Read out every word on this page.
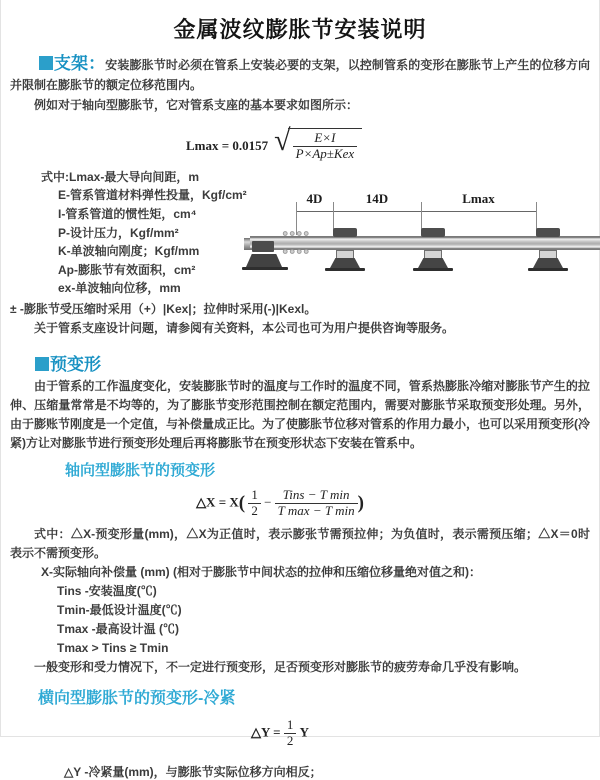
金属波纹膨胀节安装说明

支架：安装膨胀节时必须在管系上安装必要的支架，以控制管系的变形在膨胀节上产生的位移方向并限制在膨胀节的额定位移范围内。

例如对于轴向型膨胀节，它对管系支座的基本要求如图所示：

Lmax = 0.0157 √ $\frac{E\times I}{\text{P×Ap±Kex}}$
式中:Lmax-最大导向间距，m
E-管系管道材料弹性投量，Kgf/cm²
I-管系管道的惯性矩，cm⁴
P-设计压力，Kgf/mm²
K-单波轴向刚度；Kgf/mm
Ap-膨胀节有效面积，cm²
ex-单波轴向位移，mm
± -膨胀节受压缩时采用（+）|Kex|；拉伸时采用(-)|Kexl。
关于管系支座设计问题，请参阅有关资料，本公司也可为用户提供咨询等服务。
4D	14D	Lmax
预变形

由于管系的工作温度变化，安装膨胀节时的温度与工作时的温度不同，管系热膨胀冷缩对膨胀节产生的拉伸、压缩量常常是不均等的，为了膨胀节变形范围控制在额定范围内，需要对膨胀节采取预变形处理。另外，由于膨账节刚度是一个定值，与补偿量成正比。为了使膨胀节位移对管系的作用力最小，也可以采用预变形(冷紧)方让对膨胀节进行预变形处理后再将膨胀节在预变形状态下安装在管系中。

轴向型膨胀节的预变形
△X = $X( \frac{1}{2} - \frac{\text{Tins − T min}}{\text{T max − T min}}$ )

式中：△X-预变形量(mm)，△X为正值时，表示膨张节需预拉伸；为负值时，表示需预压缩；△X＝0时表示不需预变形。

X-实际轴向补偿量 (mm) (相对于膨胀节中间状态的拉伸和压缩位移量绝对值之和)：

Tins -安装温度(℃)
Tmin-最低设计温度(℃)
Tmax -最高设计温 (℃)
Tmax > Tins ≥ Tmin

一般变形和受力情况下，不一定进行预变形，足否预变形对膨胀节的疲劳寿命几乎没有影响。

横向型膨胀节的预变形-冷紧
△Y = $\frac{1}{2}$ Y
△Y -冷紧量(mm)，与膨胀节实际位移方向相反；
